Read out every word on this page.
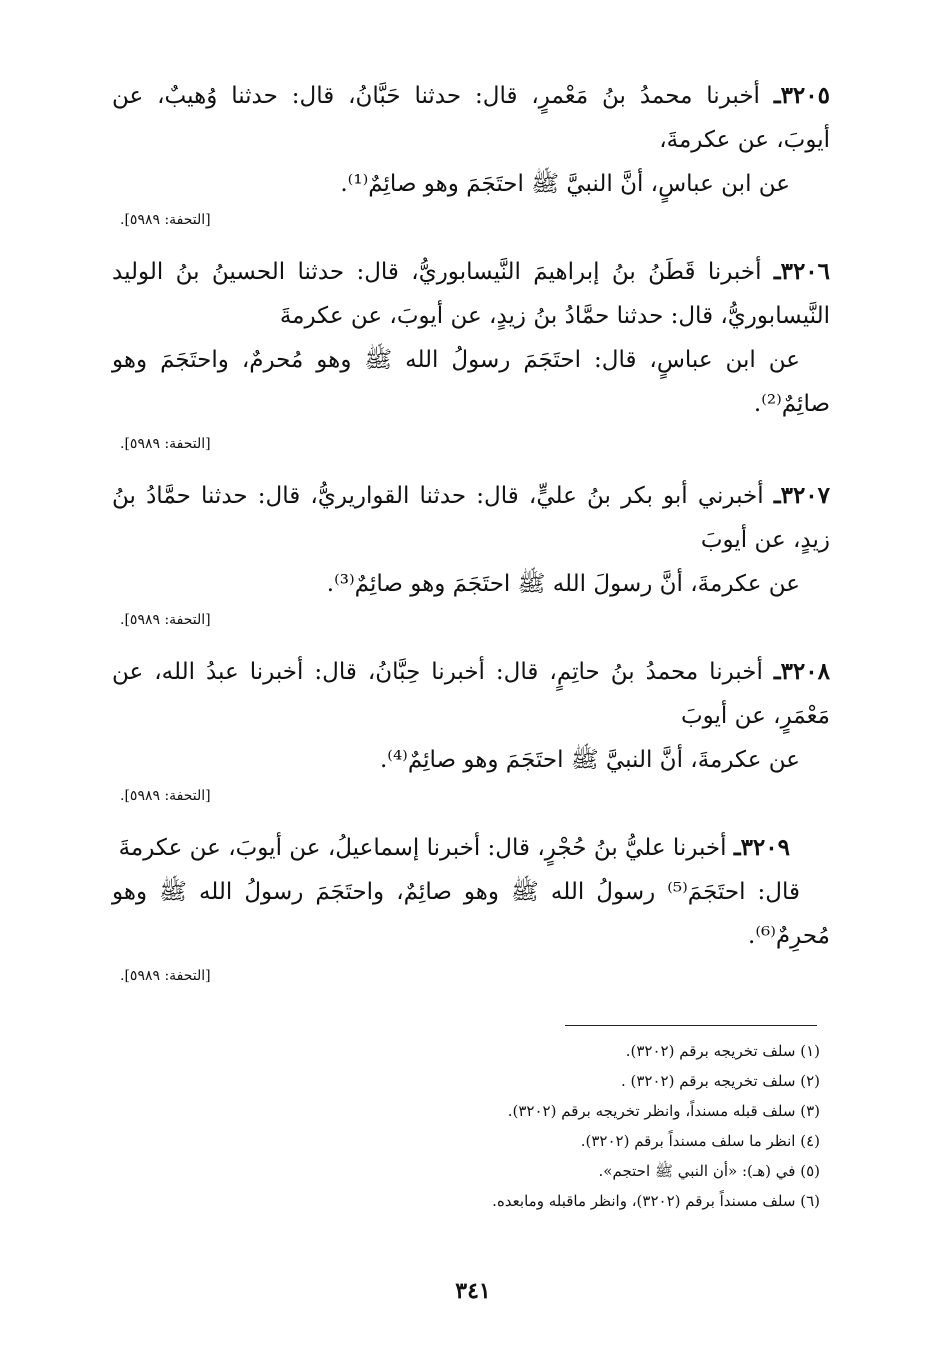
٣٢٠٥ـ أخبرنا محمدُ بنُ مَعْمرٍ، قال: حدثنا حَبَّانُ، قال: حدثنا وُهيبٌ، عن
أيوبَ، عن عكرمةَ،
عن ابن عباسٍ، أنَّ النبيَّ ﷺ احتَجَمَ وهو صائِمٌ⁽¹⁾.
[التحفة: ٥٩٨٩].
٣٢٠٦ـ أخبرنا قَطَنُ بنُ إبراهيمَ النَّيسابوريُّ، قال: حدثنا الحسينُ بنُ الوليد
النَّيسابوريُّ، قال: حدثنا حمَّادُ بنُ زيدٍ، عن أيوبَ، عن عكرمةَ
عن ابن عباسٍ، قال: احتَجَمَ رسولُ الله ﷺ وهو مُحرمٌ، واحتَجَمَ وهو
صائِمٌ⁽²⁾.
[التحفة: ٥٩٨٩].
٣٢٠٧ـ أخبرني أبو بكر بنُ عليٍّ، قال: حدثنا القواريريُّ، قال: حدثنا حمَّادُ بنُ
زيدٍ، عن أيوبَ
عن عكرمةَ، أنَّ رسولَ الله ﷺ احتَجَمَ وهو صائِمٌ⁽³⁾.
[التحفة: ٥٩٨٩].
٣٢٠٨ـ أخبرنا محمدُ بنُ حاتِمٍ، قال: أخبرنا حِبَّانُ، قال: أخبرنا عبدُ الله، عن
مَعْمَرٍ، عن أيوبَ
عن عكرمةَ، أنَّ النبيَّ ﷺ احتَجَمَ وهو صائِمٌ⁽⁴⁾.
[التحفة: ٥٩٨٩].
٣٢٠٩ـ أخبرنا عليُّ بنُ حُجْرٍ، قال: أخبرنا إسماعيلُ، عن أيوبَ، عن عكرمةَ
قال: احتَجَمَ⁽⁵⁾ رسولُ الله ﷺ وهو صائِمٌ، واحتَجَمَ رسولُ الله ﷺ وهو
مُحرِمٌ⁽⁶⁾.
[التحفة: ٥٩٨٩].
(١) سلف تخريجه برقم (٣٢٠٢).
(٢) سلف تخريجه برقم (٣٢٠٢) .
(٣) سلف قبله مسنداً، وانظر تخريجه برقم (٣٢٠٢).
(٤) انظر ما سلف مسنداً برقم (٣٢٠٢).
(٥) في (هـ): «أن النبي ﷺ احتجم».
(٦) سلف مسنداً برقم (٣٢٠٢)، وانظر ماقبله ومابعده.
٣٤١
